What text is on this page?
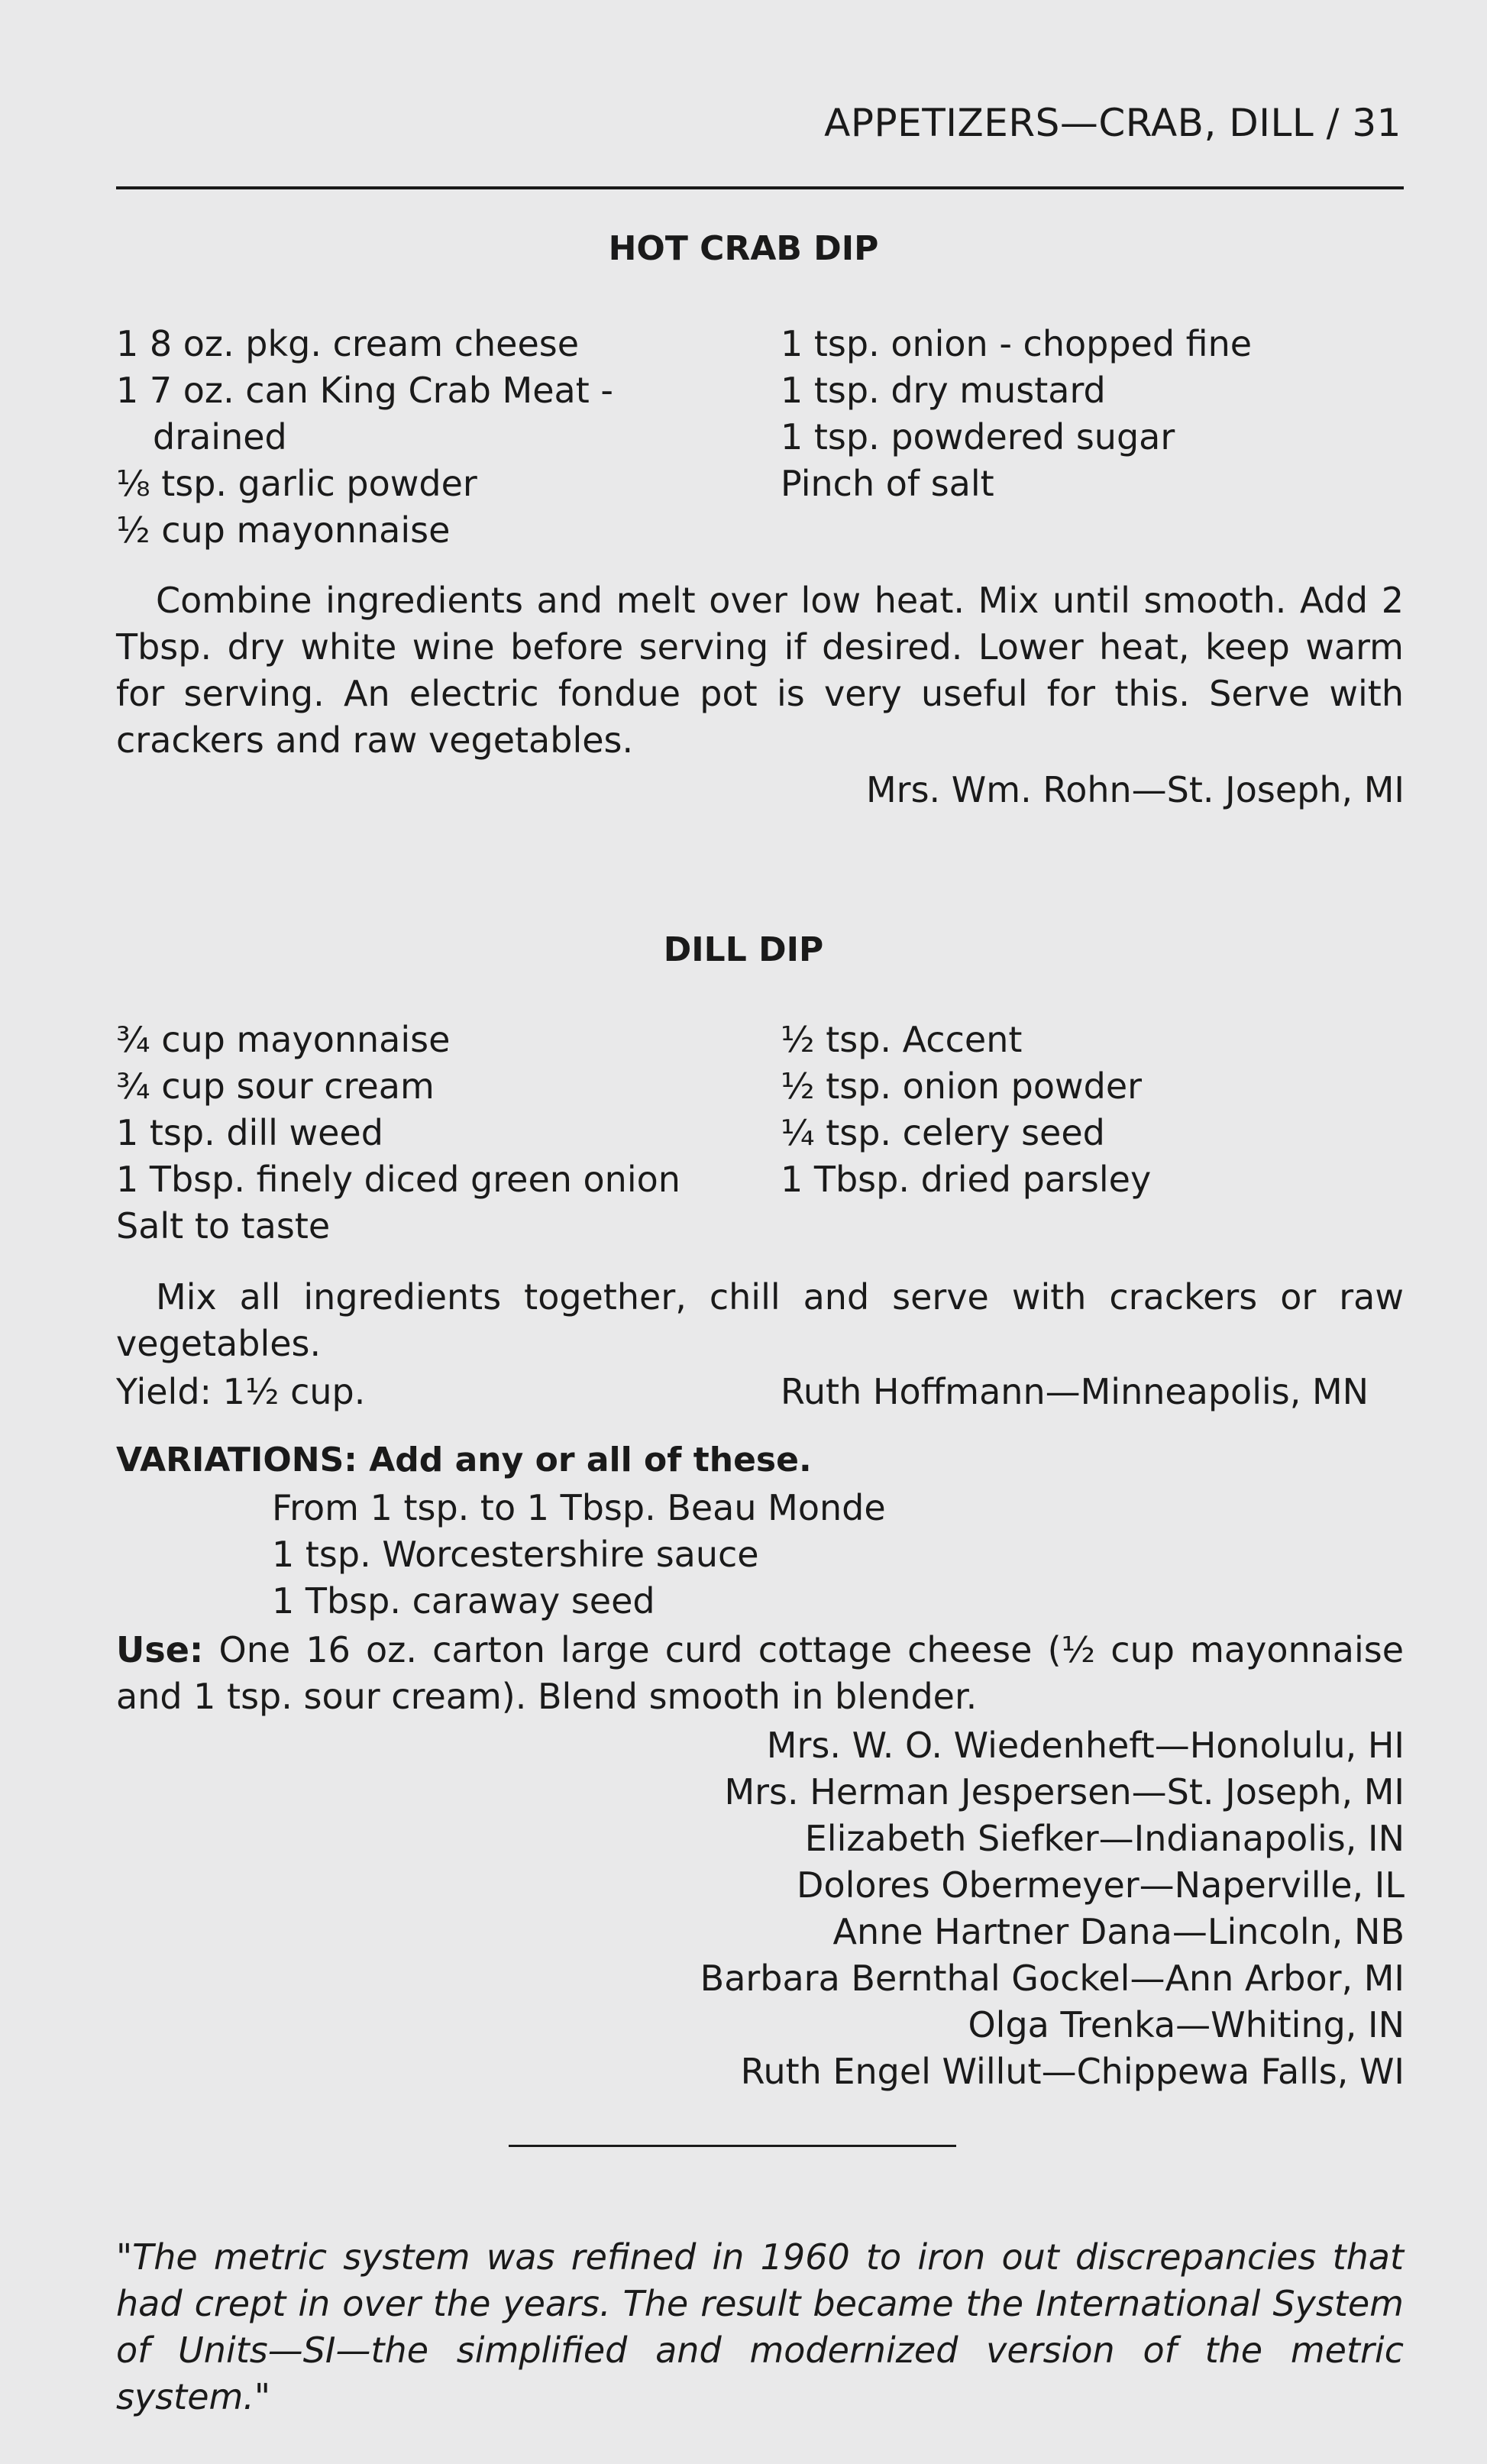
APPETIZERS—CRAB, DILL / 31
HOT CRAB DIP
1 8 oz. pkg. cream cheese
1 7 oz. can King Crab Meat -
drained
⅛ tsp. garlic powder
½ cup mayonnaise
1 tsp. onion - chopped fine
1 tsp. dry mustard
1 tsp. powdered sugar
Pinch of salt
Combine ingredients and melt over low heat. Mix until smooth. Add 2 Tbsp. dry white wine before serving if desired. Lower heat, keep warm for serving. An electric fondue pot is very useful for this. Serve with crackers and raw vegetables.
Mrs. Wm. Rohn—St. Joseph, MI
DILL DIP
¾ cup mayonnaise
¾ cup sour cream
1 tsp. dill weed
1 Tbsp. finely diced green onion
Salt to taste
½ tsp. Accent
½ tsp. onion powder
¼ tsp. celery seed
1 Tbsp. dried parsley
Mix all ingredients together, chill and serve with crackers or raw vegetables.
Yield: 1½ cup.	Ruth Hoffmann—Minneapolis, MN
VARIATIONS: Add any or all of these.
From 1 tsp. to 1 Tbsp. Beau Monde
1 tsp. Worcestershire sauce
1 Tbsp. caraway seed
Use: One 16 oz. carton large curd cottage cheese (½ cup mayonnaise and 1 tsp. sour cream). Blend smooth in blender.
Mrs. W. O. Wiedenheft—Honolulu, HI
Mrs. Herman Jespersen—St. Joseph, MI
Elizabeth Siefker—Indianapolis, IN
Dolores Obermeyer—Naperville, IL
Anne Hartner Dana—Lincoln, NB
Barbara Bernthal Gockel—Ann Arbor, MI
Olga Trenka—Whiting, IN
Ruth Engel Willut—Chippewa Falls, WI
"The metric system was refined in 1960 to iron out discrepancies that had crept in over the years. The result became the International System of Units—SI—the simplified and modernized version of the metric system."
